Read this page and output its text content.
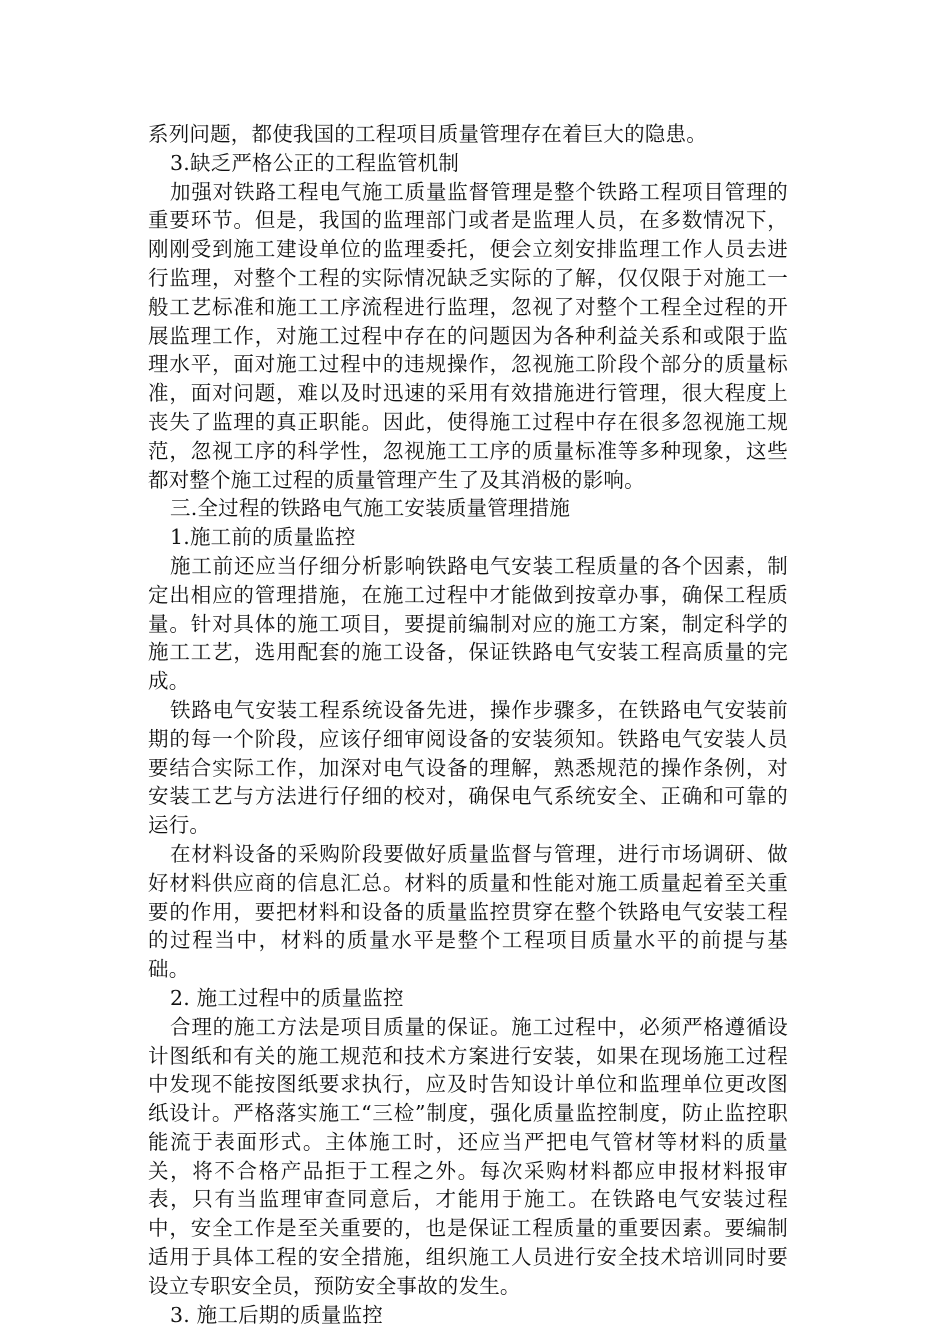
系列问题，都使我国的工程项目质量管理存在着巨大的隐患。

3.缺乏严格公正的工程监管机制

加强对铁路工程电气施工质量监督管理是整个铁路工程项目管理的重要环节。但是，我国的监理部门或者是监理人员，在多数情况下，刚刚受到施工建设单位的监理委托，便会立刻安排监理工作人员去进行监理，对整个工程的实际情况缺乏实际的了解，仅仅限于对施工一般工艺标准和施工工序流程进行监理，忽视了对整个工程全过程的开展监理工作，对施工过程中存在的问题因为各种利益关系和或限于监理水平，面对施工过程中的违规操作，忽视施工阶段个部分的质量标准，面对问题，难以及时迅速的采用有效措施进行管理，很大程度上丧失了监理的真正职能。因此，使得施工过程中存在很多忽视施工规范，忽视工序的科学性，忽视施工工序的质量标准等多种现象，这些都对整个施工过程的质量管理产生了及其消极的影响。

三.全过程的铁路电气施工安装质量管理措施

1.施工前的质量监控

施工前还应当仔细分析影响铁路电气安装工程质量的各个因素，制定出相应的管理措施，在施工过程中才能做到按章办事，确保工程质量。针对具体的施工项目，要提前编制对应的施工方案，制定科学的施工工艺，选用配套的施工设备，保证铁路电气安装工程高质量的完成。

铁路电气安装工程系统设备先进，操作步骤多，在铁路电气安装前期的每一个阶段，应该仔细审阅设备的安装须知。铁路电气安装人员要结合实际工作，加深对电气设备的理解，熟悉规范的操作条例，对安装工艺与方法进行仔细的校对，确保电气系统安全、正确和可靠的运行。

在材料设备的采购阶段要做好质量监督与管理，进行市场调研、做好材料供应商的信息汇总。材料的质量和性能对施工质量起着至关重要的作用，要把材料和设备的质量监控贯穿在整个铁路电气安装工程的过程当中，材料的质量水平是整个工程项目质量水平的前提与基础。

2. 施工过程中的质量监控

合理的施工方法是项目质量的保证。施工过程中，必须严格遵循设计图纸和有关的施工规范和技术方案进行安装，如果在现场施工过程中发现不能按图纸要求执行，应及时告知设计单位和监理单位更改图纸设计。严格落实施工“三检”制度，强化质量监控制度，防止监控职能流于表面形式。主体施工时，还应当严把电气管材等材料的质量关，将不合格产品拒于工程之外。每次采购材料都应申报材料报审表，只有当监理审查同意后，才能用于施工。在铁路电气安装过程中，安全工作是至关重要的，也是保证工程质量的重要因素。要编制适用于具体工程的安全措施，组织施工人员进行安全技术培训同时要设立专职安全员，预防安全事故的发生。

3. 施工后期的质量监控
